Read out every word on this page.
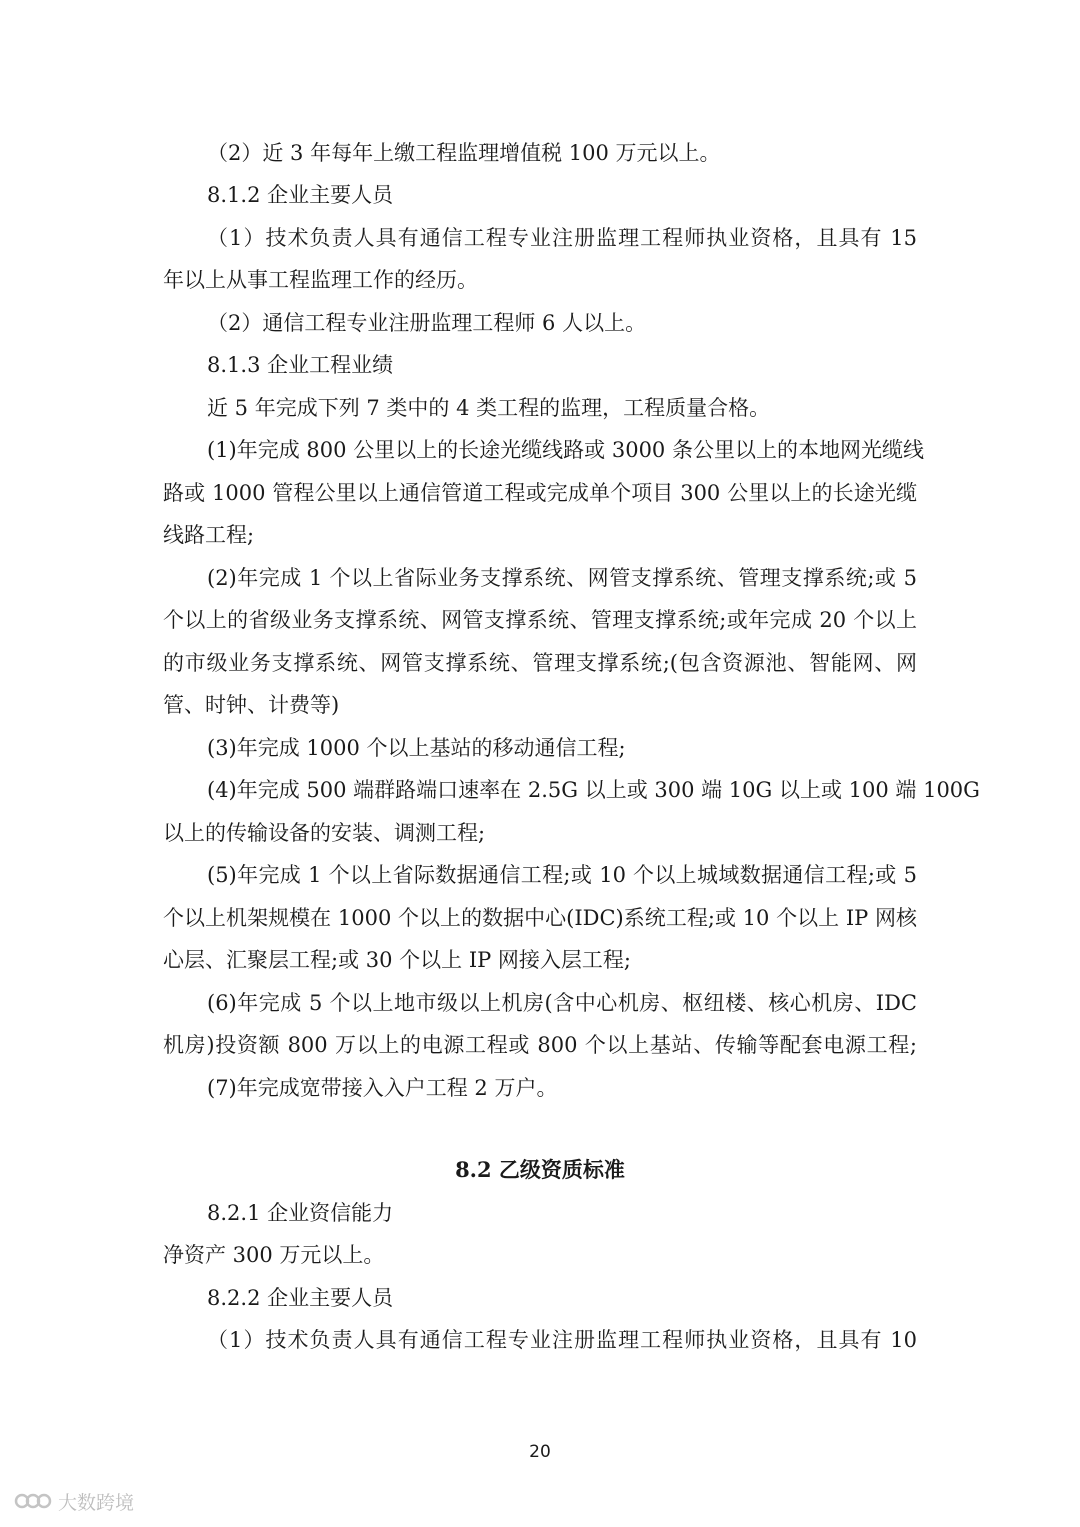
（2）近 3 年每年上缴工程监理增值税 100 万元以上。
8.1.2 企业主要人员
（1）技术负责人具有通信工程专业注册监理工程师执业资格，且具有 15
年以上从事工程监理工作的经历。
（2）通信工程专业注册监理工程师 6 人以上。
8.1.3 企业工程业绩
近 5 年完成下列 7 类中的 4 类工程的监理，工程质量合格。
(1)年完成 800 公里以上的长途光缆线路或 3000 条公里以上的本地网光缆线
路或 1000 管程公里以上通信管道工程或完成单个项目 300 公里以上的长途光缆
线路工程;
(2)年完成 1 个以上省际业务支撑系统、网管支撑系统、管理支撑系统;或 5
个以上的省级业务支撑系统、网管支撑系统、管理支撑系统;或年完成 20 个以上
的市级业务支撑系统、网管支撑系统、管理支撑系统;(包含资源池、智能网、网
管、时钟、计费等)
(3)年完成 1000 个以上基站的移动通信工程;
(4)年完成 500 端群路端口速率在 2.5G 以上或 300 端 10G 以上或 100 端 100G
以上的传输设备的安装、调测工程;
(5)年完成 1 个以上省际数据通信工程;或 10 个以上城域数据通信工程;或 5
个以上机架规模在 1000 个以上的数据中心(IDC)系统工程;或 10 个以上 IP 网核
心层、汇聚层工程;或 30 个以上 IP 网接入层工程;
(6)年完成 5 个以上地市级以上机房(含中心机房、枢纽楼、核心机房、IDC
机房)投资额 800 万以上的电源工程或 800 个以上基站、传输等配套电源工程;
(7)年完成宽带接入入户工程 2 万户。
8.2 乙级资质标准
8.2.1 企业资信能力
净资产 300 万元以上。
8.2.2 企业主要人员
（1）技术负责人具有通信工程专业注册监理工程师执业资格，且具有 10
20
大数跨境
